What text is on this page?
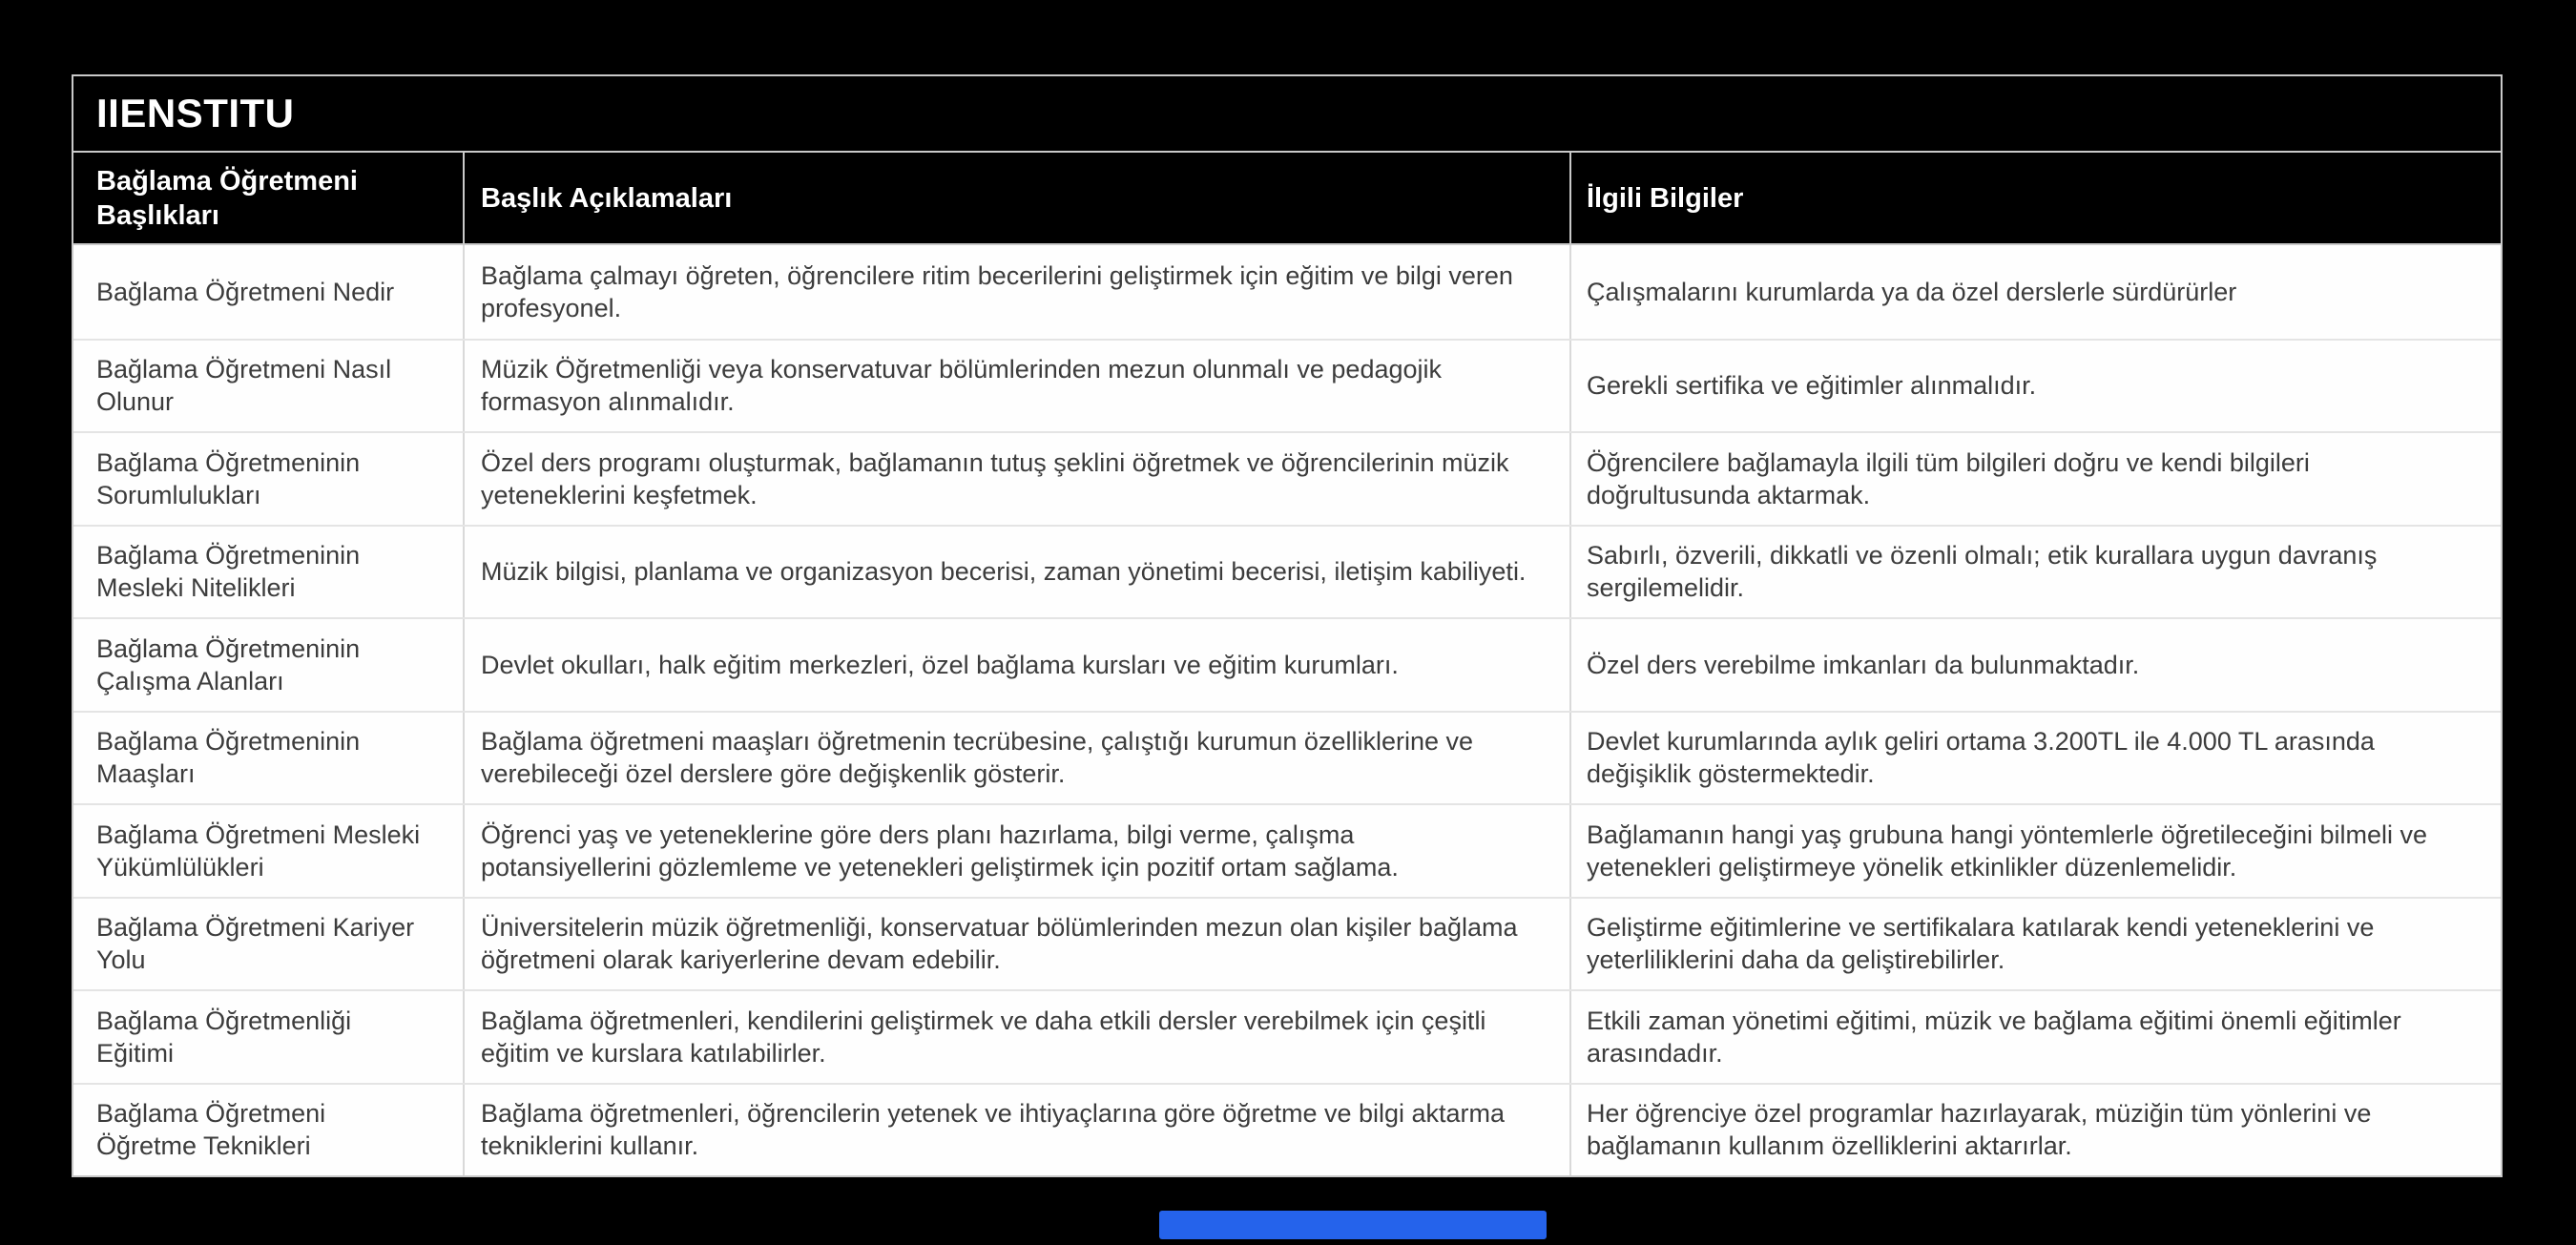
IIENSTITU
Bağlama Öğretmeni Başlıkları
Başlık Açıklamaları	İlgili Bilgiler
Bağlama Öğretmeni Nedir
Bağlama çalmayı öğreten, öğrencilere ritim becerilerini geliştirmek için eğitim ve bilgi veren profesyonel.
Çalışmalarını kurumlarda ya da özel derslerle sürdürürler
Bağlama Öğretmeni Nasıl Olunur
Müzik Öğretmenliği veya konservatuvar bölümlerinden mezun olunmalı ve pedagojik formasyon alınmalıdır.
Gerekli sertifika ve eğitimler alınmalıdır.
Bağlama Öğretmeninin Sorumlulukları
Özel ders programı oluşturmak, bağlamanın tutuş şeklini öğretmek ve öğrencilerinin müzik yeteneklerini keşfetmek.
Öğrencilere bağlamayla ilgili tüm bilgileri doğru ve kendi bilgileri doğrultusunda aktarmak.
Bağlama Öğretmeninin Mesleki Nitelikleri
Müzik bilgisi, planlama ve organizasyon becerisi, zaman yönetimi becerisi, iletişim kabiliyeti.
Sabırlı, özverili, dikkatli ve özenli olmalı; etik kurallara uygun davranış sergilemelidir.
Bağlama Öğretmeninin Çalışma Alanları
Devlet okulları, halk eğitim merkezleri, özel bağlama kursları ve eğitim kurumları.	Özel ders verebilme imkanları da bulunmaktadır.
Bağlama Öğretmeninin Maaşları
Bağlama öğretmeni maaşları öğretmenin tecrübesine, çalıştığı kurumun özelliklerine ve verebileceği özel derslere göre değişkenlik gösterir.
Devlet kurumlarında aylık geliri ortama 3.200TL ile 4.000 TL arasında değişiklik göstermektedir.
Bağlama Öğretmeni Mesleki Yükümlülükleri
Öğrenci yaş ve yeteneklerine göre ders planı hazırlama, bilgi verme, çalışma potansiyellerini gözlemleme ve yetenekleri geliştirmek için pozitif ortam sağlama.
Bağlamanın hangi yaş grubuna hangi yöntemlerle öğretileceğini bilmeli ve yetenekleri geliştirmeye yönelik etkinlikler düzenlemelidir.
Bağlama Öğretmeni Kariyer Yolu
Üniversitelerin müzik öğretmenliği, konservatuar bölümlerinden mezun olan kişiler bağlama öğretmeni olarak kariyerlerine devam edebilir.
Geliştirme eğitimlerine ve sertifikalara katılarak kendi yeteneklerini ve yeterliliklerini daha da geliştirebilirler.
Bağlama Öğretmenliği Eğitimi
Bağlama öğretmenleri, kendilerini geliştirmek ve daha etkili dersler verebilmek için çeşitli eğitim ve kurslara katılabilirler.
Etkili zaman yönetimi eğitimi, müzik ve bağlama eğitimi önemli eğitimler arasındadır.
Bağlama Öğretmeni Öğretme Teknikleri
Bağlama öğretmenleri, öğrencilerin yetenek ve ihtiyaçlarına göre öğretme ve bilgi aktarma tekniklerini kullanır.
Her öğrenciye özel programlar hazırlayarak, müziğin tüm yönlerini ve bağlamanın kullanım özelliklerini aktarırlar.
